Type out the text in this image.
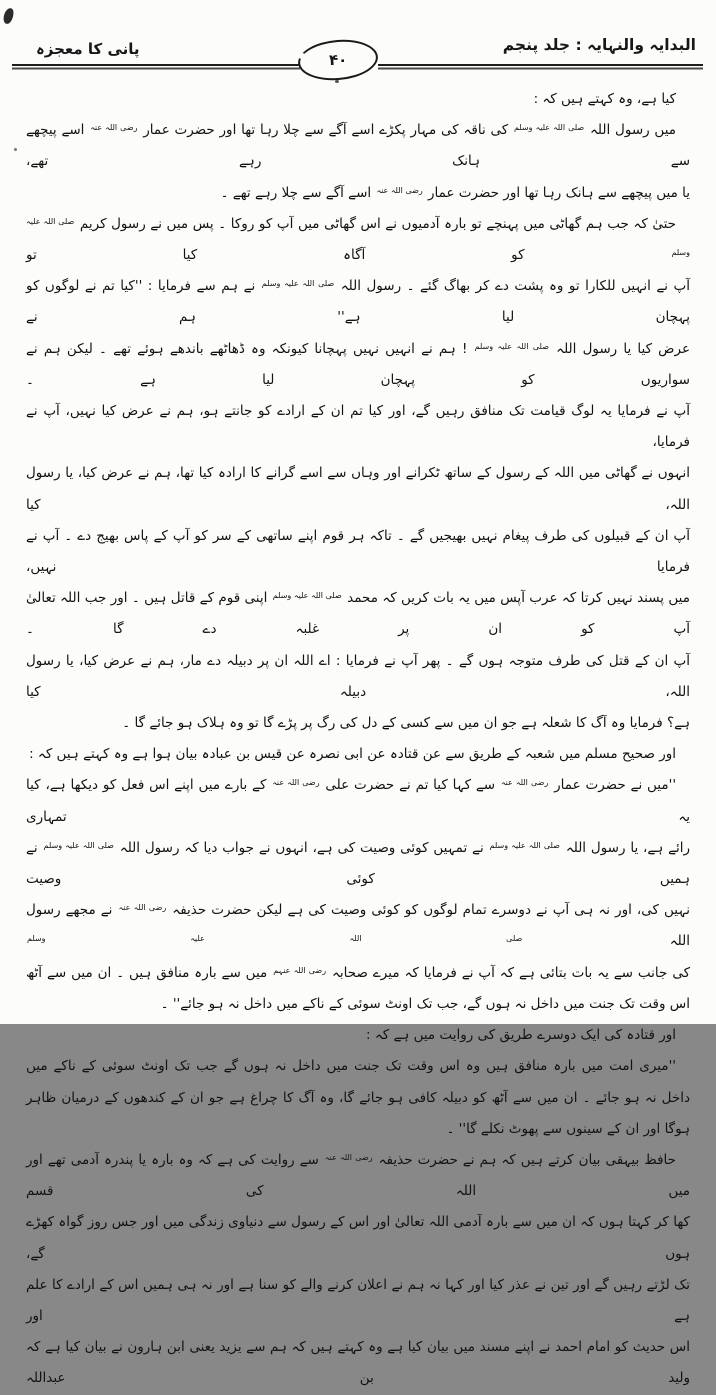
البدایہ والنہایہ : جلد پنجم
پانی کا معجزہ
۴۰
کیا ہے، وہ کہتے ہیں کہ :
میں رسول اللہ $^{صلی اللہ علیہ وسلم}$ کی ناقہ کی مہار پکڑے اسے آگے سے چلا رہا تھا اور حضرت عمار $^{رضی اللہ عنہ}$ اسے پیچھے سے ہانک رہے تھے،
یا میں پیچھے سے ہانک رہا تھا اور حضرت عمار $^{رضی اللہ عنہ}$ اسے آگے سے چلا رہے تھے ۔
حتیٰ کہ جب ہم گھاٹی میں پہنچے تو بارہ آدمیوں نے اس گھاٹی میں آپ کو روکا ۔ پس میں نے رسول کریم $^{صلی اللہ علیہ وسلم}$ کو آگاہ کیا تو
آپ نے انہیں للکارا تو وہ پشت دے کر بھاگ گئے ۔ رسول اللہ $^{صلی اللہ علیہ وسلم}$ نے ہم سے فرمایا : ''کیا تم نے لوگوں کو پہچان لیا ہے'' ہم نے
عرض کیا یا رسول اللہ $^{صلی اللہ علیہ وسلم}$ ! ہم نے انہیں نہیں پہچانا کیونکہ وہ ڈھاٹھے باندھے ہوئے تھے ۔ لیکن ہم نے سواریوں کو پہچان لیا ہے ۔
آپ نے فرمایا یہ لوگ قیامت تک منافق رہیں گے، اور کیا تم ان کے ارادے کو جانتے ہو، ہم نے عرض کیا نہیں، آپ نے فرمایا،
انہوں نے گھاٹی میں اللہ کے رسول کے ساتھ ٹکرانے اور وہاں سے اسے گرانے کا ارادہ کیا تھا، ہم نے عرض کیا، یا رسول اللہ، کیا
آپ ان کے قبیلوں کی طرف پیغام نہیں بھیجیں گے ۔ تاکہ ہر قوم اپنے ساتھی کے سر کو آپ کے پاس بھیج دے ۔ آپ نے فرمایا نہیں،
میں پسند نہیں کرتا کہ عرب آپس میں یہ بات کریں کہ محمد $^{صلی اللہ علیہ وسلم}$ اپنی قوم کے قاتل ہیں ۔ اور جب اللہ تعالیٰ آپ کو ان پر غلبہ دے گا ۔
آپ ان کے قتل کی طرف متوجہ ہوں گے ۔ پھر آپ نے فرمایا : اے اللہ ان پر دبیلہ دے مار، ہم نے عرض کیا، یا رسول اللہ، دبیلہ کیا
ہے؟ فرمایا وہ آگ کا شعلہ ہے جو ان میں سے کسی کے دل کی رگ پر پڑے گا تو وہ ہلاک ہو جائے گا ۔
اور صحیح مسلم میں شعبہ کے طریق سے عن قتادہ عن ابی نصرہ عن قیس بن عبادہ بیان ہوا ہے وہ کہتے ہیں کہ :
''میں نے حضرت عمار $^{رضی اللہ عنہ}$ سے کہا کیا تم نے حضرت علی $^{رضی اللہ عنہ}$ کے بارے میں اپنے اس فعل کو دیکھا ہے، کیا یہ تمہاری
رائے ہے، یا رسول اللہ $^{صلی اللہ علیہ وسلم}$ نے تمہیں کوئی وصیت کی ہے، انہوں نے جواب دیا کہ رسول اللہ $^{صلی اللہ علیہ وسلم}$ نے ہمیں کوئی وصیت
نہیں کی، اور نہ ہی آپ نے دوسرے تمام لوگوں کو کوئی وصیت کی ہے لیکن حضرت حذیفہ $^{رضی اللہ عنہ}$ نے مجھے رسول اللہ $^{صلی اللہ علیہ وسلم}$
کی جانب سے یہ بات بتائی ہے کہ آپ نے فرمایا کہ میرے صحابہ $^{رضی اللہ عنہم}$ میں سے بارہ منافق ہیں ۔ ان میں سے آٹھ
اس وقت تک جنت میں داخل نہ ہوں گے، جب تک اونٹ سوئی کے ناکے میں داخل نہ ہو جائے'' ۔
اور قتادہ کی ایک دوسرے طریق کی روایت میں ہے کہ :
''میری امت میں بارہ منافق ہیں وہ اس وقت تک جنت میں داخل نہ ہوں گے جب تک اونٹ سوئی کے ناکے میں
داخل نہ ہو جائے ۔ ان میں سے آٹھ کو دبیلہ کافی ہو جائے گا، وہ آگ کا چراغ ہے جو ان کے کندھوں کے درمیان ظاہر
ہوگا اور ان کے سینوں سے پھوٹ نکلے گا'' ۔
حافظ بیہقی بیان کرتے ہیں کہ ہم نے حضرت حذیفہ $^{رضی اللہ عنہ}$ سے روایت کی ہے کہ وہ بارہ یا پندرہ آدمی تھے اور میں اللہ کی قسم
کھا کر کہتا ہوں کہ ان میں سے بارہ آدمی اللہ تعالیٰ اور اس کے رسول سے دنیاوی زندگی میں اور جس روز گواہ کھڑے ہوں گے،
تک لڑتے رہیں گے اور تین نے عذر کیا اور کہا نہ ہم نے اعلان کرنے والے کو سنا ہے اور نہ ہی ہمیں اس کے ارادے کا علم ہے اور
اس حدیث کو امام احمد نے اپنے مسند میں بیان کیا ہے وہ کہتے ہیں کہ ہم سے یزید یعنی ابن ہارون نے بیان کیا ہے کہ ولید بن عبداللہ
